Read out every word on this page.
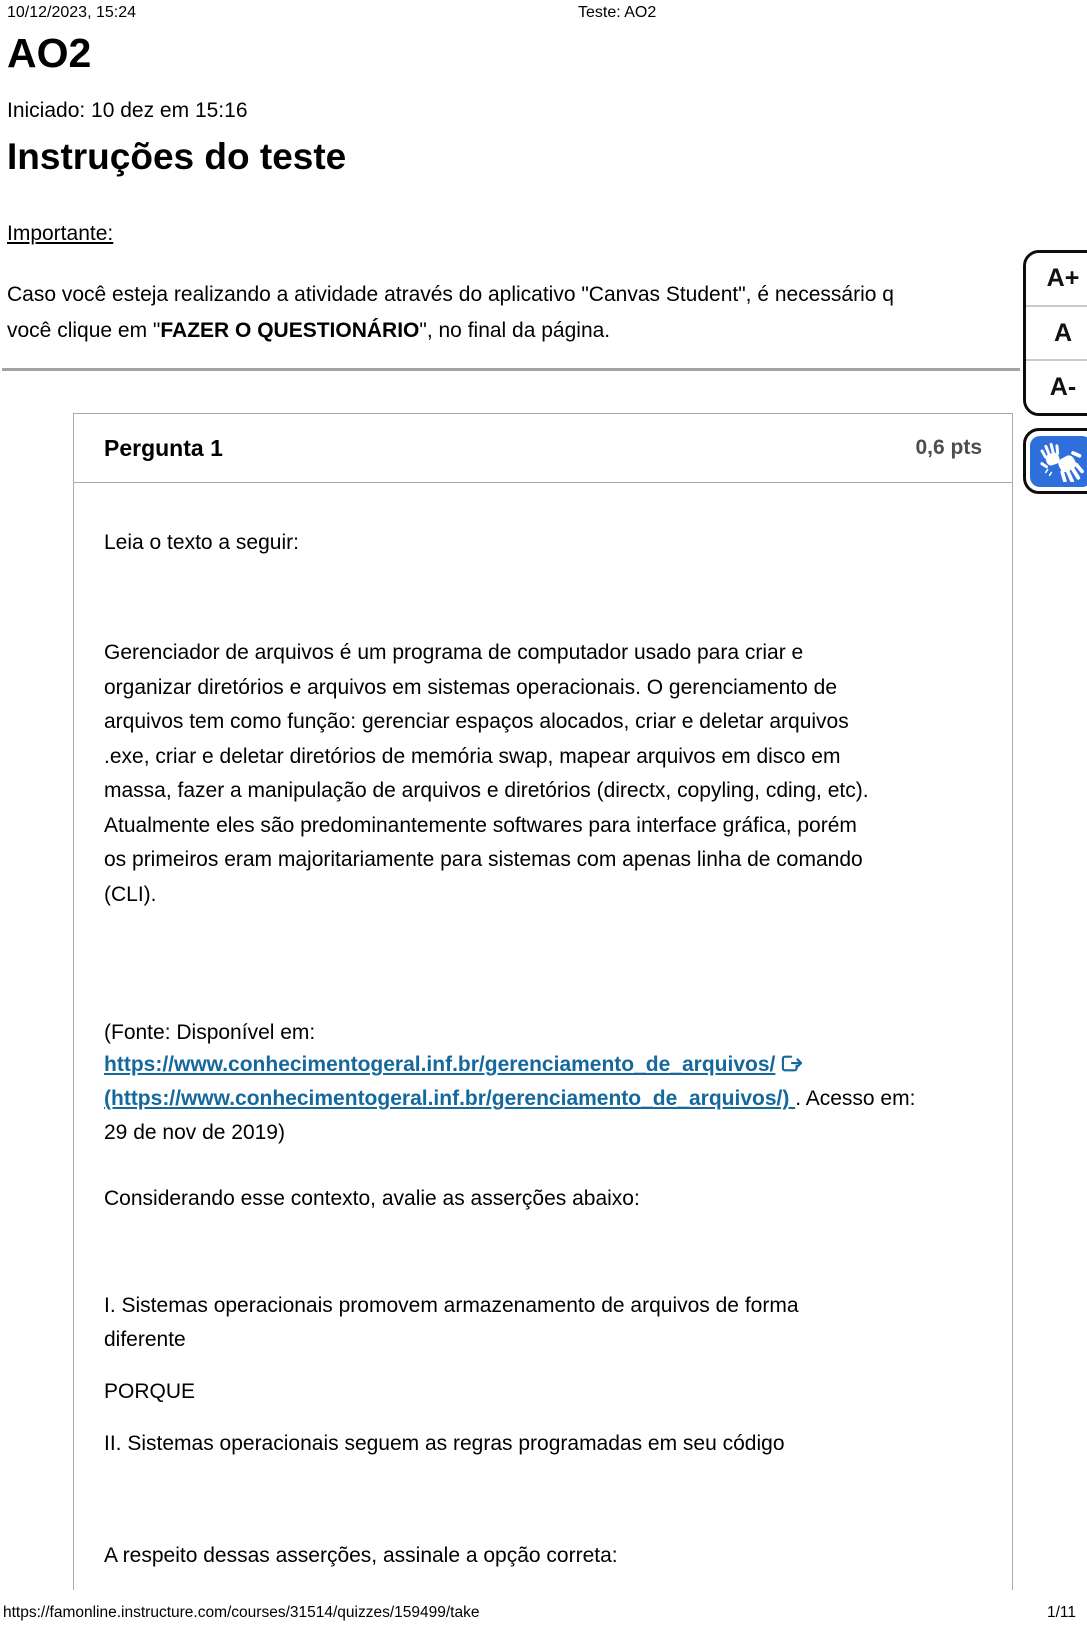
10/12/2023, 15:24	Teste: AO2
AO2
Iniciado: 10 dez em 15:16
Instruções do teste
Importante:
Caso você esteja realizando a atividade através do aplicativo "Canvas Student", é necessário q
você clique em "FAZER O QUESTIONÁRIO", no final da página.
Pergunta 1	0,6 pts
Leia o texto a seguir:
Gerenciador de arquivos é um programa de computador usado para criar e
organizar diretórios e arquivos em sistemas operacionais. O gerenciamento de
arquivos tem como função: gerenciar espaços alocados, criar e deletar arquivos
.exe, criar e deletar diretórios de memória swap, mapear arquivos em disco em
massa, fazer a manipulação de arquivos e diretórios (directx, copyling, cding, etc).
Atualmente eles são predominantemente softwares para interface gráfica, porém
os primeiros eram majoritariamente para sistemas com apenas linha de comando
(CLI).
(Fonte: Disponível em:
https://www.conhecimentogeral.inf.br/gerenciamento_de_arquivos/
(https://www.conhecimentogeral.inf.br/gerenciamento_de_arquivos/) . Acesso em:
29 de nov de 2019)
Considerando esse contexto, avalie as asserções abaixo:
I. Sistemas operacionais promovem armazenamento de arquivos de forma
diferente
PORQUE
II. Sistemas operacionais seguem as regras programadas em seu código
A respeito dessas asserções, assinale a opção correta:
A+
A
A-
https://famonline.instructure.com/courses/31514/quizzes/159499/take	1/11
